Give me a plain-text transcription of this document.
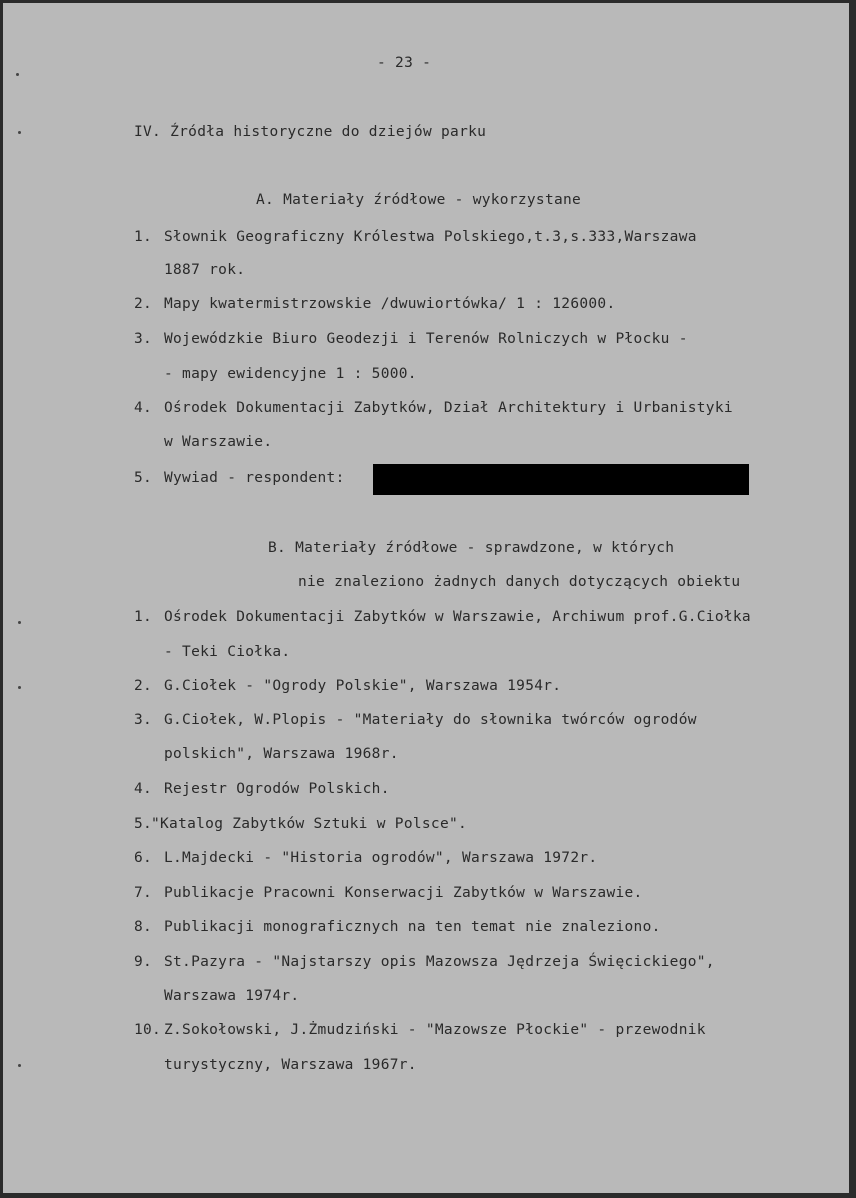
- 23 -
IV. Źródła historyczne do dziejów parku
A. Materiały źródłowe - wykorzystane
1. Słownik Geograficzny Królestwa Polskiego,t.3,s.333,Warszawa
1887 rok.
2. Mapy kwatermistrzowskie /dwuwiortówka/ 1 : 126000.
3. Wojewódzkie Biuro Geodezji i Terenów Rolniczych w Płocku -
- mapy ewidencyjne 1 : 5000.
4. Ośrodek Dokumentacji Zabytków, Dział Architektury i Urbanistyki
w Warszawie.
5. Wywiad - respondent:
B. Materiały źródłowe - sprawdzone, w których
nie znaleziono żadnych danych dotyczących obiektu
1. Ośrodek Dokumentacji Zabytków w Warszawie, Archiwum prof.G.Ciołka
- Teki Ciołka.
2. G.Ciołek - "Ogrody Polskie", Warszawa 1954r.
3. G.Ciołek, W.Plopis - "Materiały do słownika twórców ogrodów
polskich", Warszawa 1968r.
4. Rejestr Ogrodów Polskich.
5.
"Katalog Zabytków Sztuki w Polsce".
6. L.Majdecki - "Historia ogrodów", Warszawa 1972r.
7. Publikacje Pracowni Konserwacji Zabytków w Warszawie.
8. Publikacji monograficznych na ten temat nie znaleziono.
9. St.Pazyra - "Najstarszy opis Mazowsza Jędrzeja Święcickiego",
Warszawa 1974r.
10. Z.Sokołowski, J.Żmudziński - "Mazowsze Płockie" - przewodnik
turystyczny, Warszawa 1967r.
